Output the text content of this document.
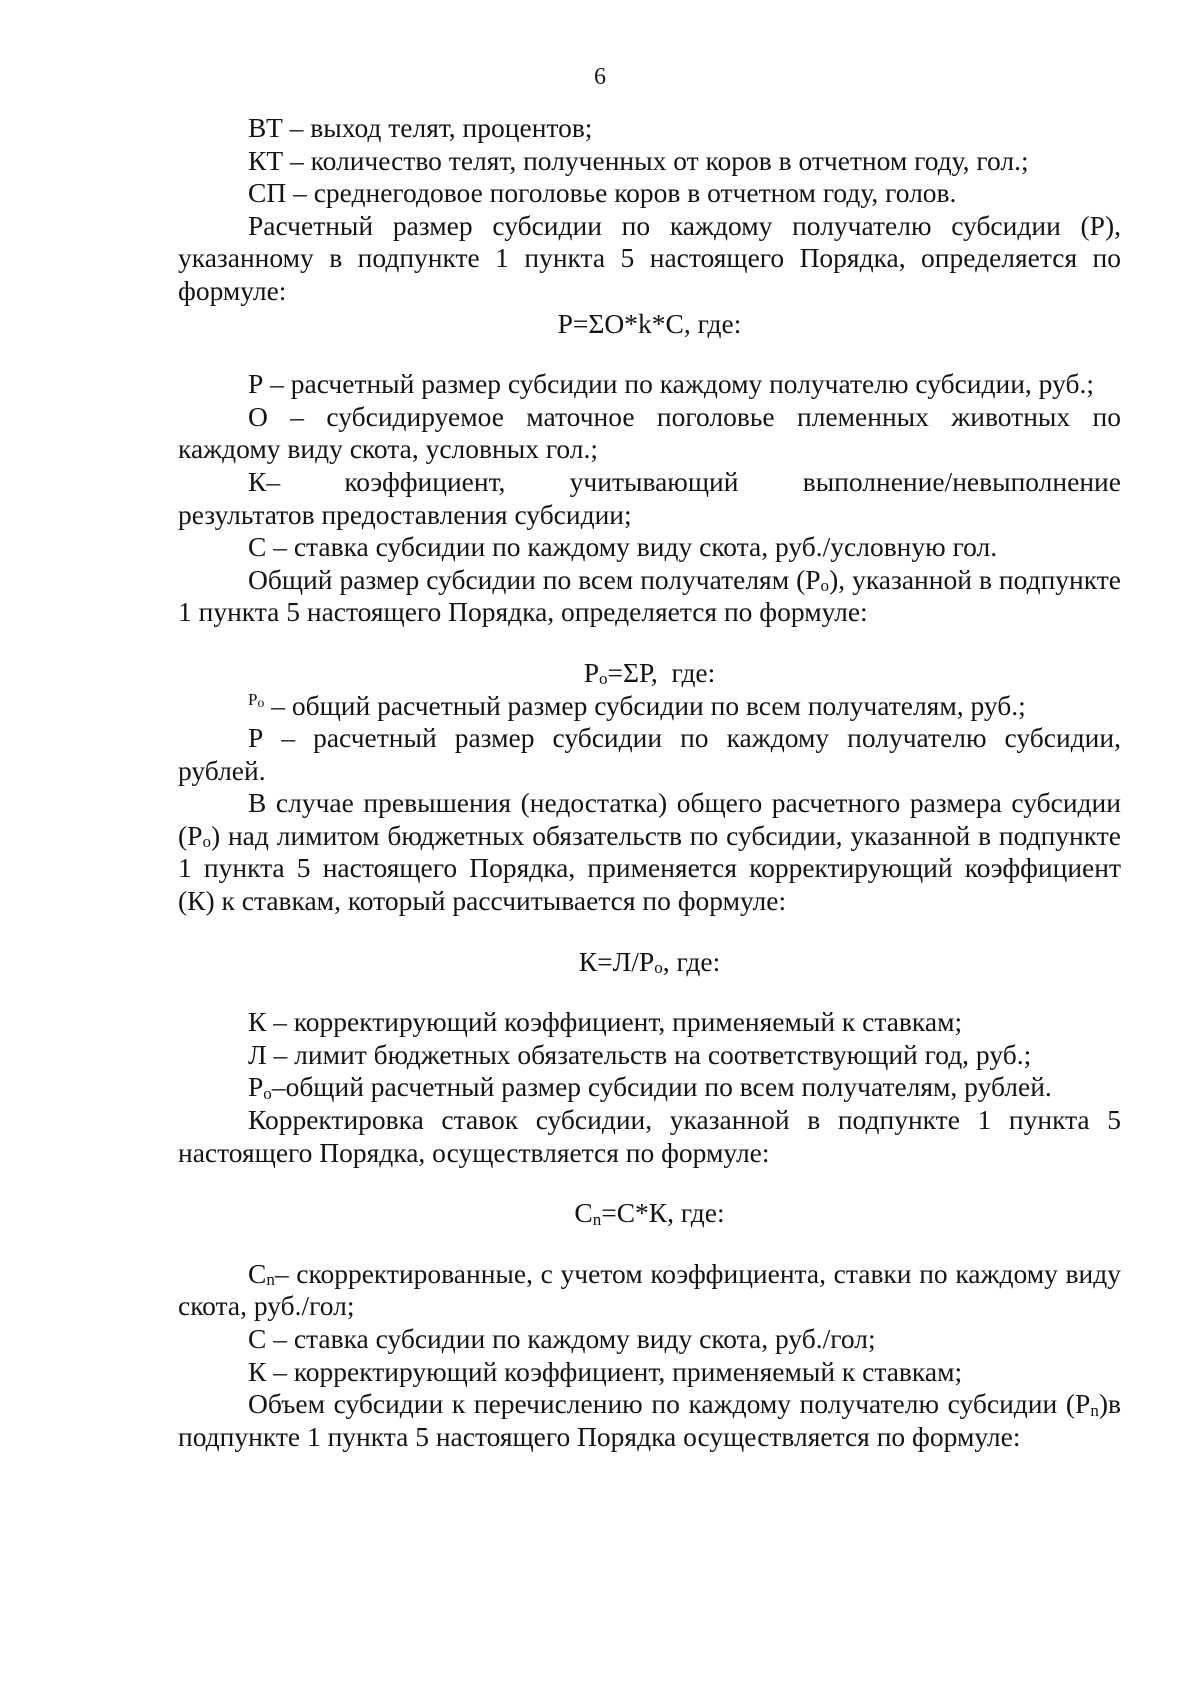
6

ВТ – выход телят, процентов;

КТ – количество телят, полученных от коров в отчетном году, гол.;

СП – среднегодовое поголовье коров в отчетном году, голов.

Расчетный размер субсидии по каждому получателю субсидии (Р), указанному в подпункте 1 пункта 5 настоящего Порядка, определяется по формуле:

Р=ΣО*k*С, где:

Р – расчетный размер субсидии по каждому получателю субсидии, руб.;

О – субсидируемое маточное поголовье племенных животных по каждому виду скота, условных гол.;

К– коэффициент, учитывающий выполнение/невыполнение

результатов предоставления субсидии;

С – ставка субсидии по каждому виду скота, руб./условную гол.

Общий размер субсидии по всем получателям $(Р_о)$, указанной в подпункте 1 пункта 5 настоящего Порядка, определяется по формуле:

$Р_о=\Sigma Р$,  где:

$^{Ро}$ – общий расчетный размер субсидии по всем получателям, руб.;

Р – расчетный размер субсидии по каждому получателю субсидии, рублей.

В случае превышения (недостатка) общего расчетного размера субсидии $(Р_о)$ над лимитом бюджетных обязательств по субсидии, указанной в подпункте 1 пункта 5 настоящего Порядка, применяется корректирующий коэффициент (К) к ставкам, который рассчитывается по формуле:

$К=Л/Р_о$, где:

К – корректирующий коэффициент, применяемый к ставкам;

Л – лимит бюджетных обязательств на соответствующий год, руб.;

$Р_о$–общий расчетный размер субсидии по всем получателям, рублей.

Корректировка ставок субсидии, указанной в подпункте 1 пункта 5 настоящего Порядка, осуществляется по формуле:

$С_n=С*К$, где:

$С_n-$ скорректированные, с учетом коэффициента, ставки по каждому виду скота, руб./гол;

С – ставка субсидии по каждому виду скота, руб./гол;

К – корректирующий коэффициент, применяемый к ставкам;

Объем субсидии к перечислению по каждому получателю субсидии $(Р_n)в$ подпункте 1 пункта 5 настоящего Порядка осуществляется по формуле:
